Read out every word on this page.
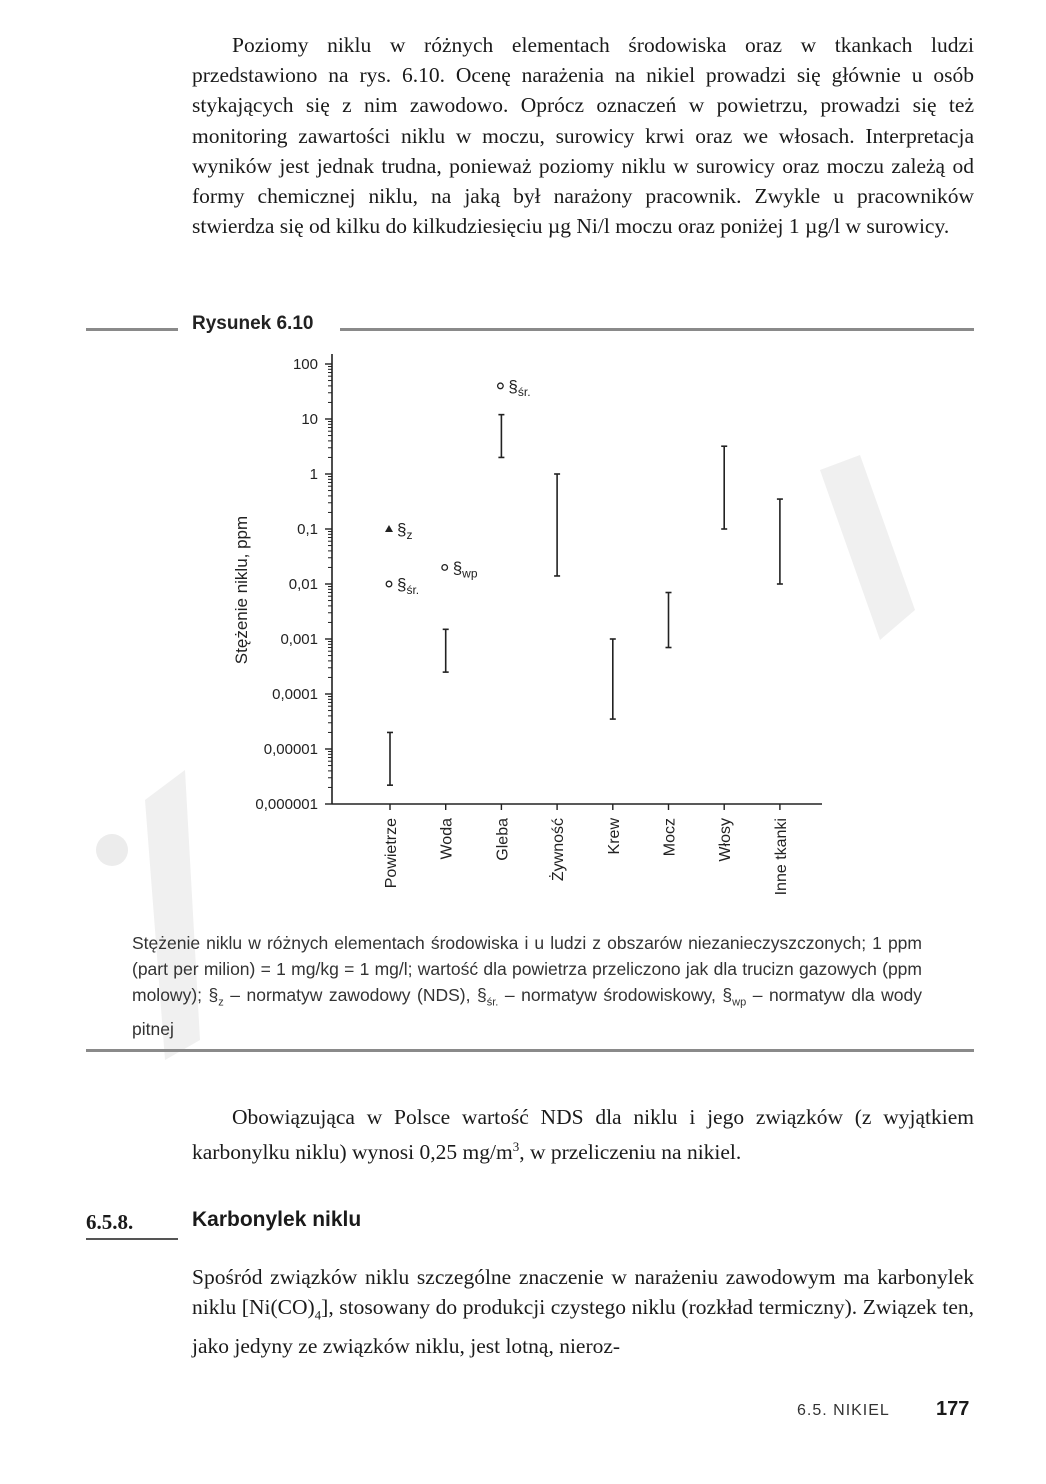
Poziomy niklu w różnych elementach środowiska oraz w tkankach ludzi przedstawiono na rys. 6.10. Ocenę narażenia na nikiel prowadzi się głównie u osób stykających się z nim zawodowo. Oprócz oznaczeń w powietrzu, prowadzi się też monitoring zawartości niklu w moczu, surowicy krwi oraz we włosach. Interpretacja wyników jest jednak trudna, ponieważ poziomy niklu w surowicy oraz moczu zależą od formy chemicznej niklu, na jaką był narażony pracownik. Zwykle u pracowników stwierdza się od kilku do kilkudziesięciu µg Ni/l moczu oraz poniżej 1 µg/l w surowicy.

Rysunek 6.10
0,000001
0,00001
0,0001
0,001
0,01
0,1
1
10
100
$\S_z$
$\S_{śr.}$
$\S_{wp}$
$\S_{śr.}$
Powietrze Woda Gleba Żywność Krew Mocz Włosy Inne tkanki
Stężenie niklu, ppm

Stężenie niklu w różnych elementach środowiska i u ludzi z obszarów niezanieczyszczonych; 1 ppm (part per milion) = 1 mg/kg = 1 mg/l; wartość dla powietrza przeliczono jak dla trucizn gazowych (ppm molowy); $\S_z$ – normatyw zawodowy (NDS), $\S_{śr.}$ – normatyw środowiskowy, $\S_{wp}$ – normatyw dla wody pitnej

Obowiązująca w Polsce wartość NDS dla niklu i jego związków (z wyjątkiem karbonylku niklu) wynosi 0,25 $mg/m^3$, w przeliczeniu na nikiel.

6.5.8.	Karbonylek niklu

Spośród związków niklu szczególne znaczenie w narażeniu zawodowym ma karbonylek niklu $[Ni(CO)_4]$, stosowany do produkcji czystego niklu (rozkład termiczny). Związek ten, jako jedyny ze związków niklu, jest lotną, nieroz-

6.5. NIKIEL 177
